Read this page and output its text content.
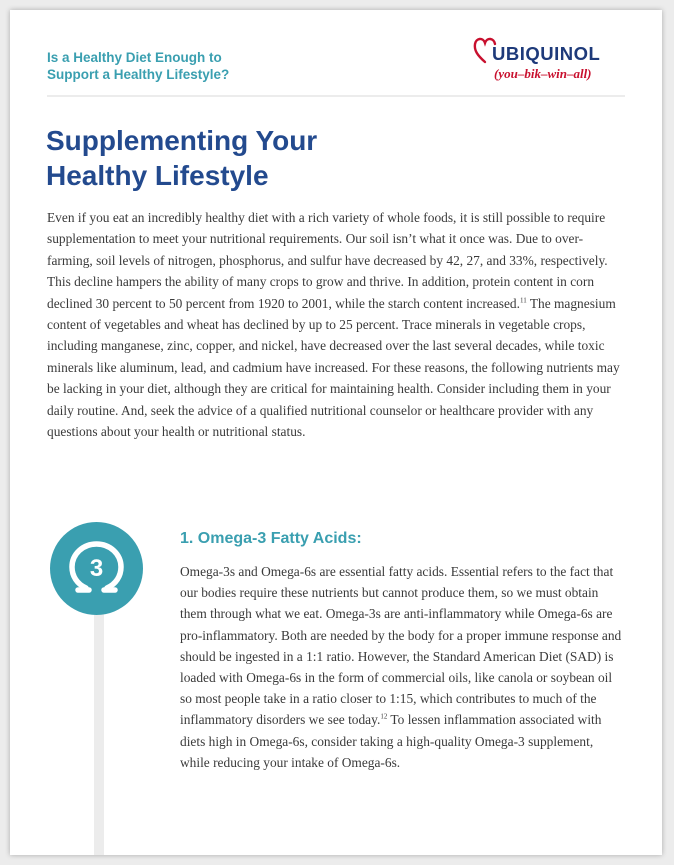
Is a Healthy Diet Enough to
Support a Healthy Lifestyle?
UBIQUINOL
(you–bik–win–all)
Supplementing Your
Healthy Lifestyle

Even if you eat an incredibly healthy diet with a rich variety of whole foods, it is still possible to require supplementation to meet your nutritional requirements. Our soil isn’t what it once was. Due to over-farming, soil levels of nitrogen, phosphorus, and sulfur have decreased by 42, 27, and 33%, respectively. This decline hampers the ability of many crops to grow and thrive. In addition, protein content in corn declined 30 percent to 50 percent from 1920 to 2001, while the starch content increased.$^{11}$ The magnesium content of vegetables and wheat has declined by up to 25 percent. Trace minerals in vegetable crops, including manganese, zinc, copper, and nickel, have decreased over the last several decades, while toxic minerals like aluminum, lead, and cadmium have increased. For these reasons, the following nutrients may be lacking in your diet, although they are critical for maintaining health. Consider including them in your daily routine. And, seek the advice of a qualified nutritional counselor or healthcare provider with any questions about your health or nutritional status.

3
1. Omega-3 Fatty Acids:

Omega-3s and Omega-6s are essential fatty acids. Essential refers to the fact that our bodies require these nutrients but cannot produce them, so we must obtain them through what we eat. Omega-3s are anti-inflammatory while Omega-6s are pro-inflammatory. Both are needed by the body for a proper immune response and should be ingested in a 1:1 ratio. However, the Standard American Diet (SAD) is loaded with Omega-6s in the form of commercial oils, like canola or soybean oil so most people take in a ratio closer to 1:15, which contributes to much of the inflammatory disorders we see today.$^{12}$ To lessen inflammation associated with diets high in Omega-6s, consider taking a high-quality Omega-3 supplement, while reducing your intake of Omega-6s.
